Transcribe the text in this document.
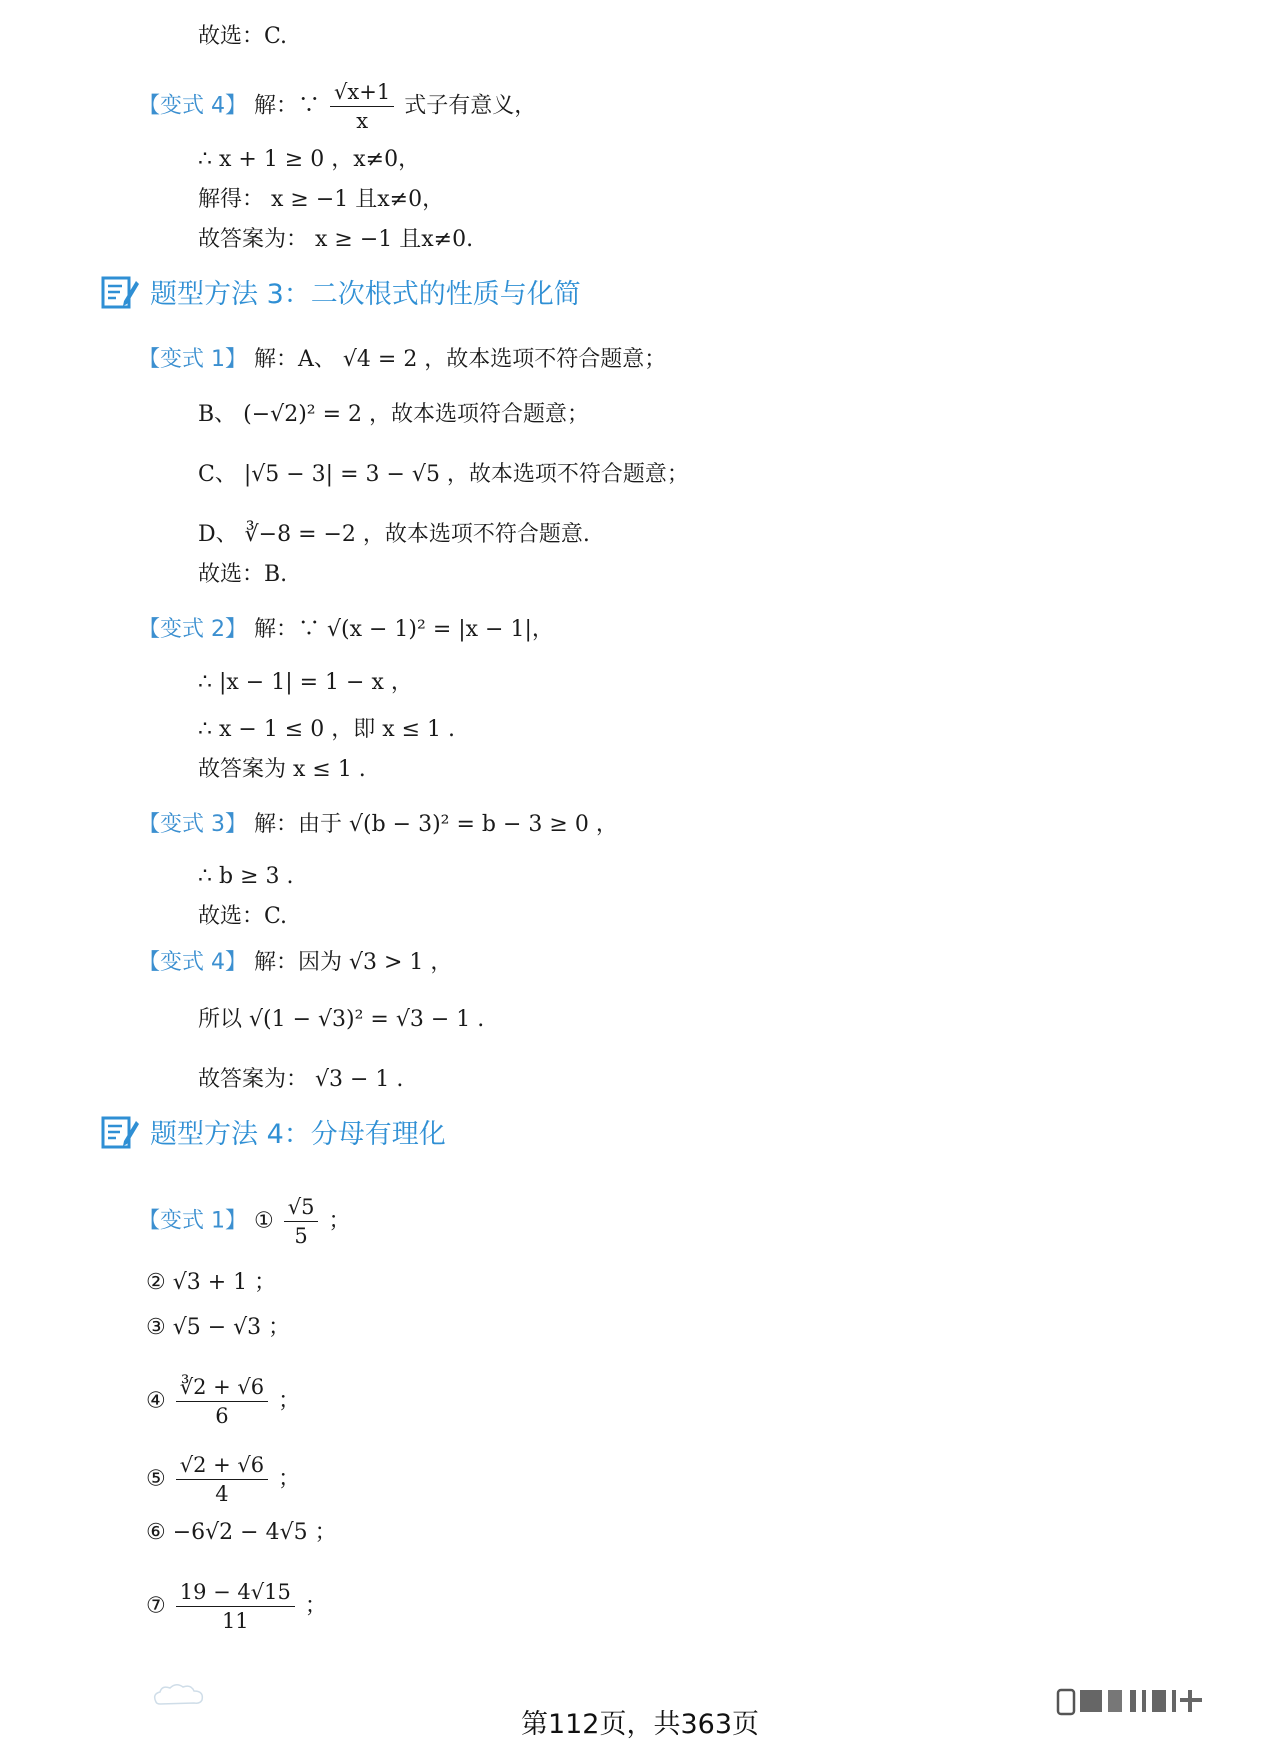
故选：C.
【变式 4】 解：∵ $\frac{√x+1}{x}$ 式子有意义，
∴ x + 1 ≥ 0 ，x≠0，
解得： x ≥ −1 且x≠0，
故答案为： x ≥ −1 且x≠0.
题型方法 3：二次根式的性质与化简
【变式 1】 解：A、 √4 = 2 ，故本选项不符合题意；
B、 (−√2)² = 2 ，故本选项符合题意；
C、 |√5 − 3| = 3 − √5 ，故本选项不符合题意；
D、 ∛−8 = −2 ，故本选项不符合题意.
故选：B.
【变式 2】 解：∵ √(x − 1)² = |x − 1|，
∴ |x − 1| = 1 − x ，
∴ x − 1 ≤ 0 ，即 x ≤ 1 .
故答案为 x ≤ 1 .
【变式 3】 解：由于 √(b − 3)² = b − 3 ≥ 0 ，
∴ b ≥ 3 .
故选：C.
【变式 4】 解：因为 √3 > 1 ，
所以 √(1 − √3)² = √3 − 1 .
故答案为： √3 − 1 .
题型方法 4：分母有理化
【变式 1】 ① $\frac{√5}{5}$ ；
② √3 + 1 ；
③ √5 − √3 ；
④ $\frac{∛2 + √6}{6}$ ；
⑤ $\frac{√2 + √6}{4}$ ；
⑥ −6√2 − 4√5 ；
⑦ $\frac{19 - 4√15}{11}$ ；
第112页，共363页
